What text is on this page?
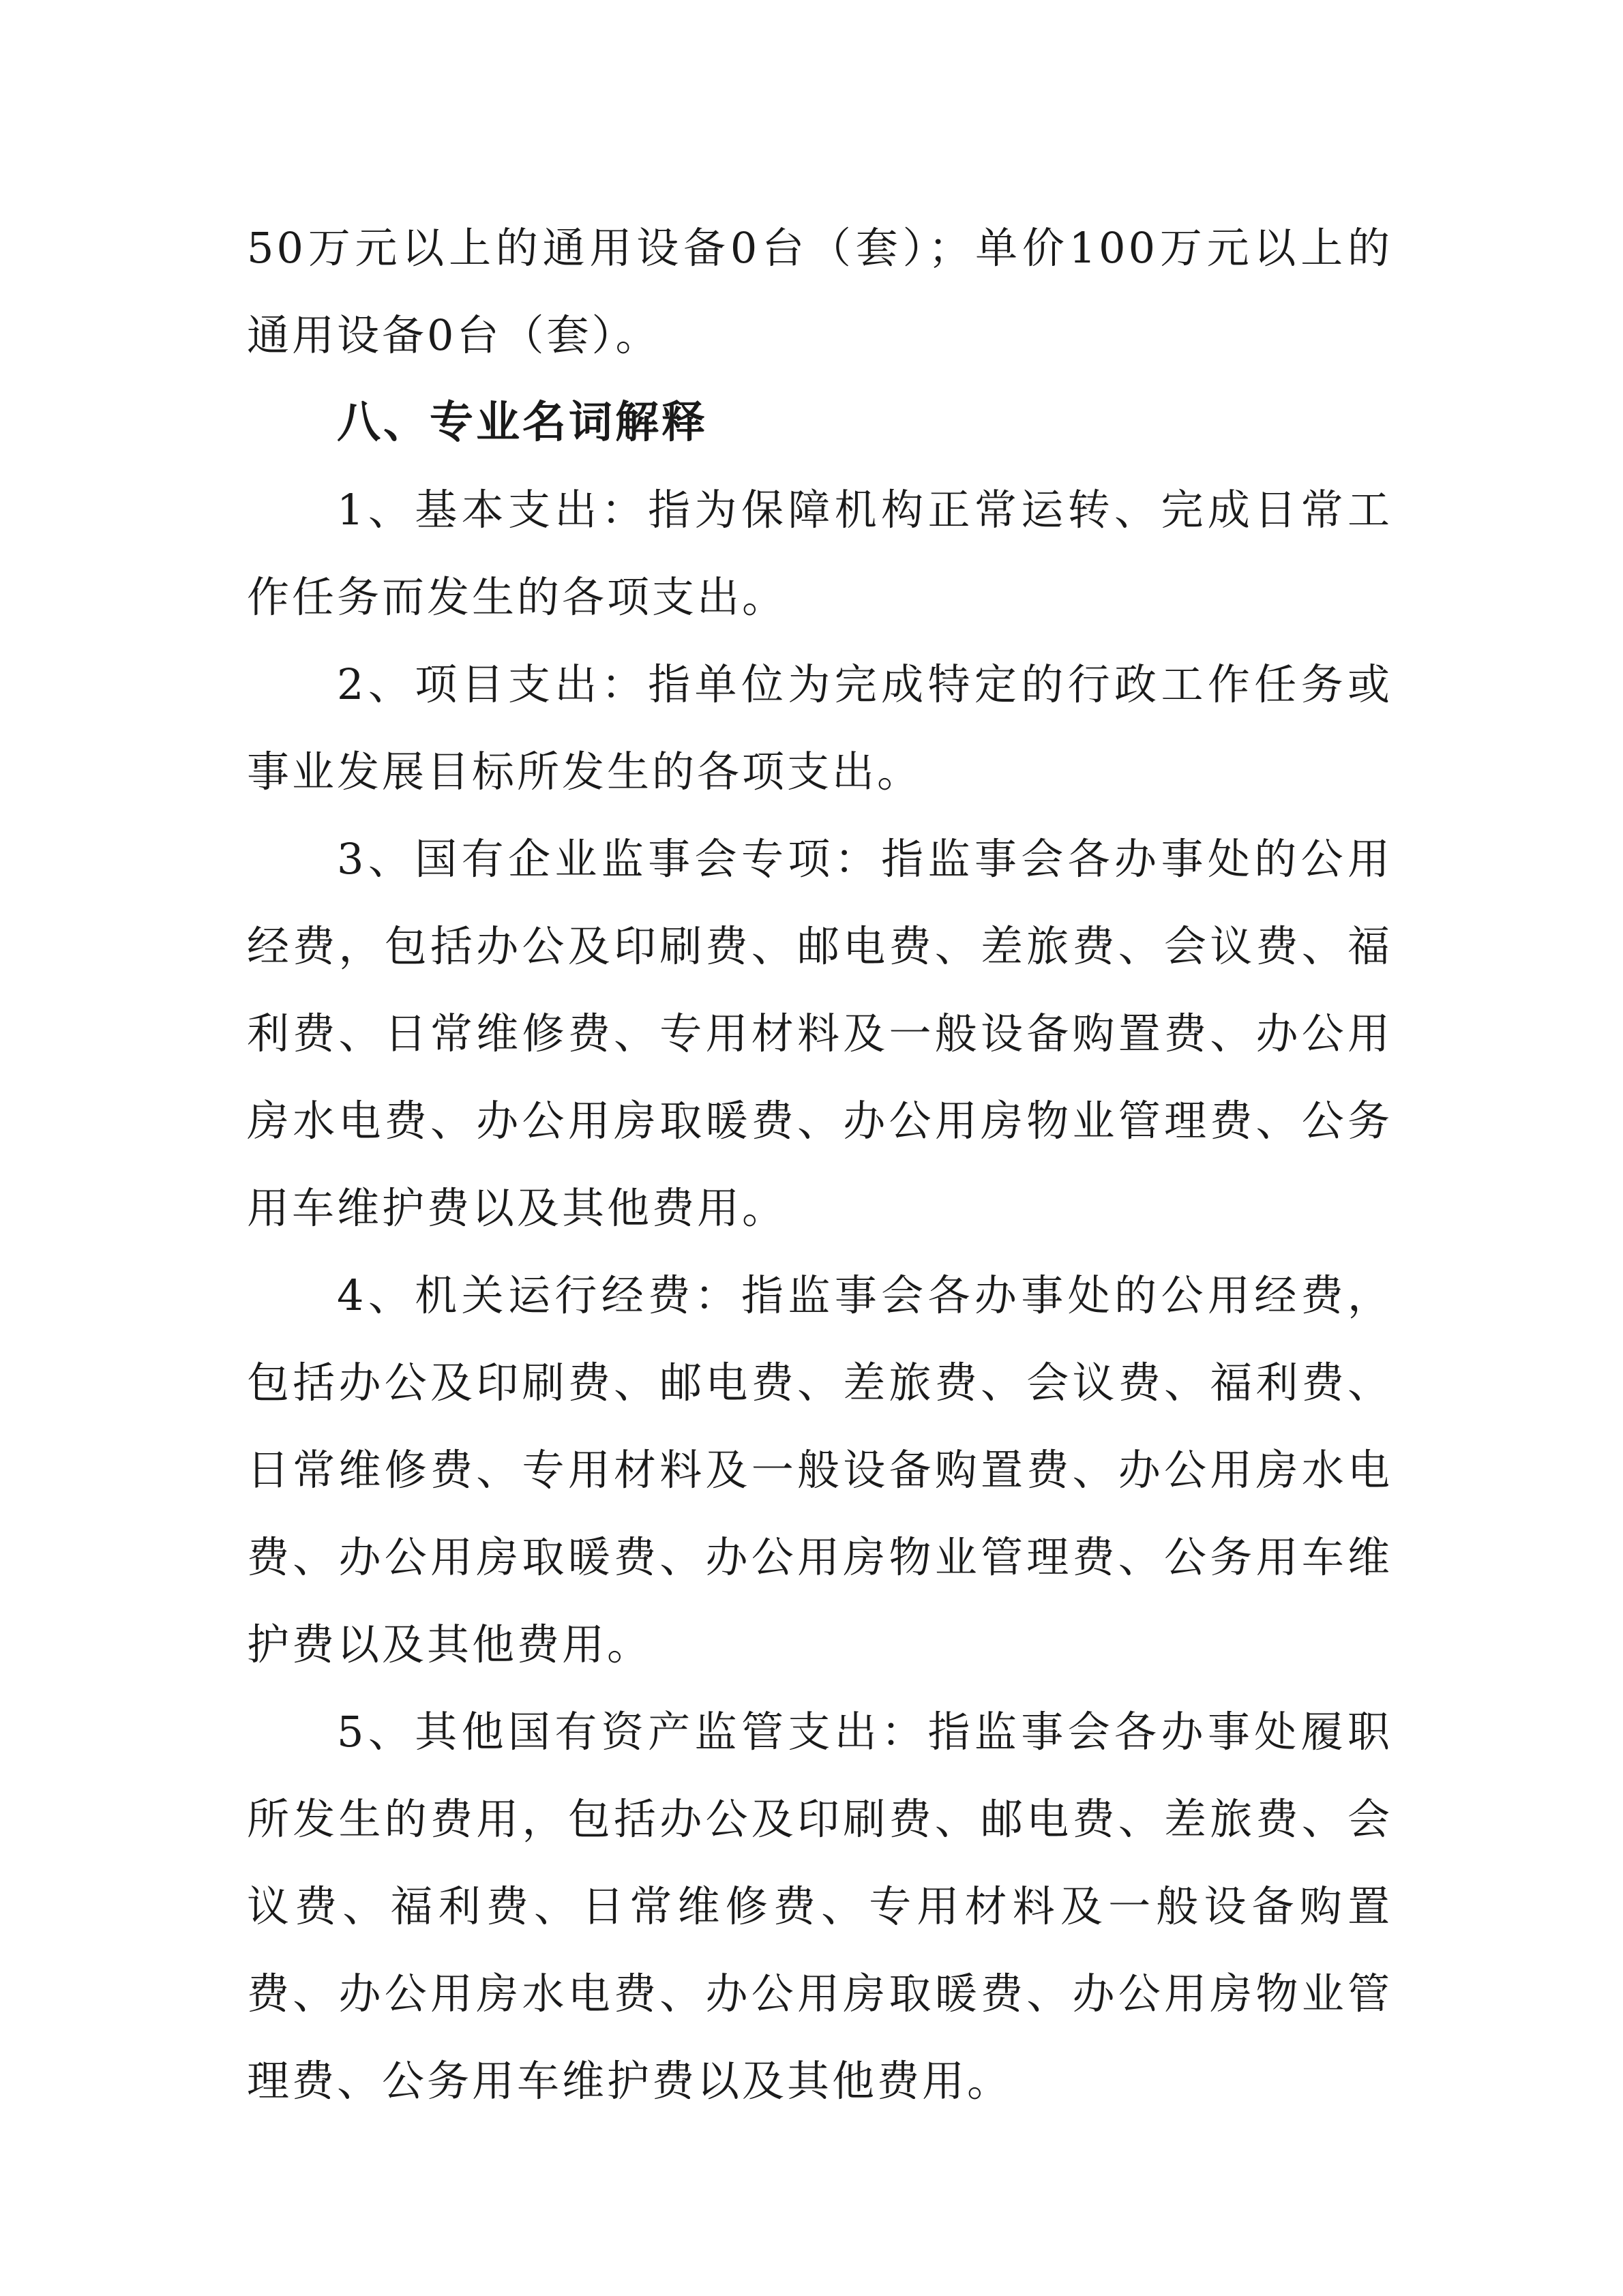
50万元以上的通用设备0台（套）；单价100万元以上的通用设备0台（套）。

八、专业名词解释

1、基本支出：指为保障机构正常运转、完成日常工作任务而发生的各项支出。

2、项目支出：指单位为完成特定的行政工作任务或事业发展目标所发生的各项支出。

3、国有企业监事会专项：指监事会各办事处的公用经费，包括办公及印刷费、邮电费、差旅费、会议费、福利费、日常维修费、专用材料及一般设备购置费、办公用房水电费、办公用房取暖费、办公用房物业管理费、公务用车维护费以及其他费用。

4、机关运行经费：指监事会各办事处的公用经费，包括办公及印刷费、邮电费、差旅费、会议费、福利费、日常维修费、专用材料及一般设备购置费、办公用房水电费、办公用房取暖费、办公用房物业管理费、公务用车维护费以及其他费用。

5、其他国有资产监管支出：指监事会各办事处履职所发生的费用，包括办公及印刷费、邮电费、差旅费、会议费、福利费、日常维修费、专用材料及一般设备购置费、办公用房水电费、办公用房取暖费、办公用房物业管理费、公务用车维护费以及其他费用。
